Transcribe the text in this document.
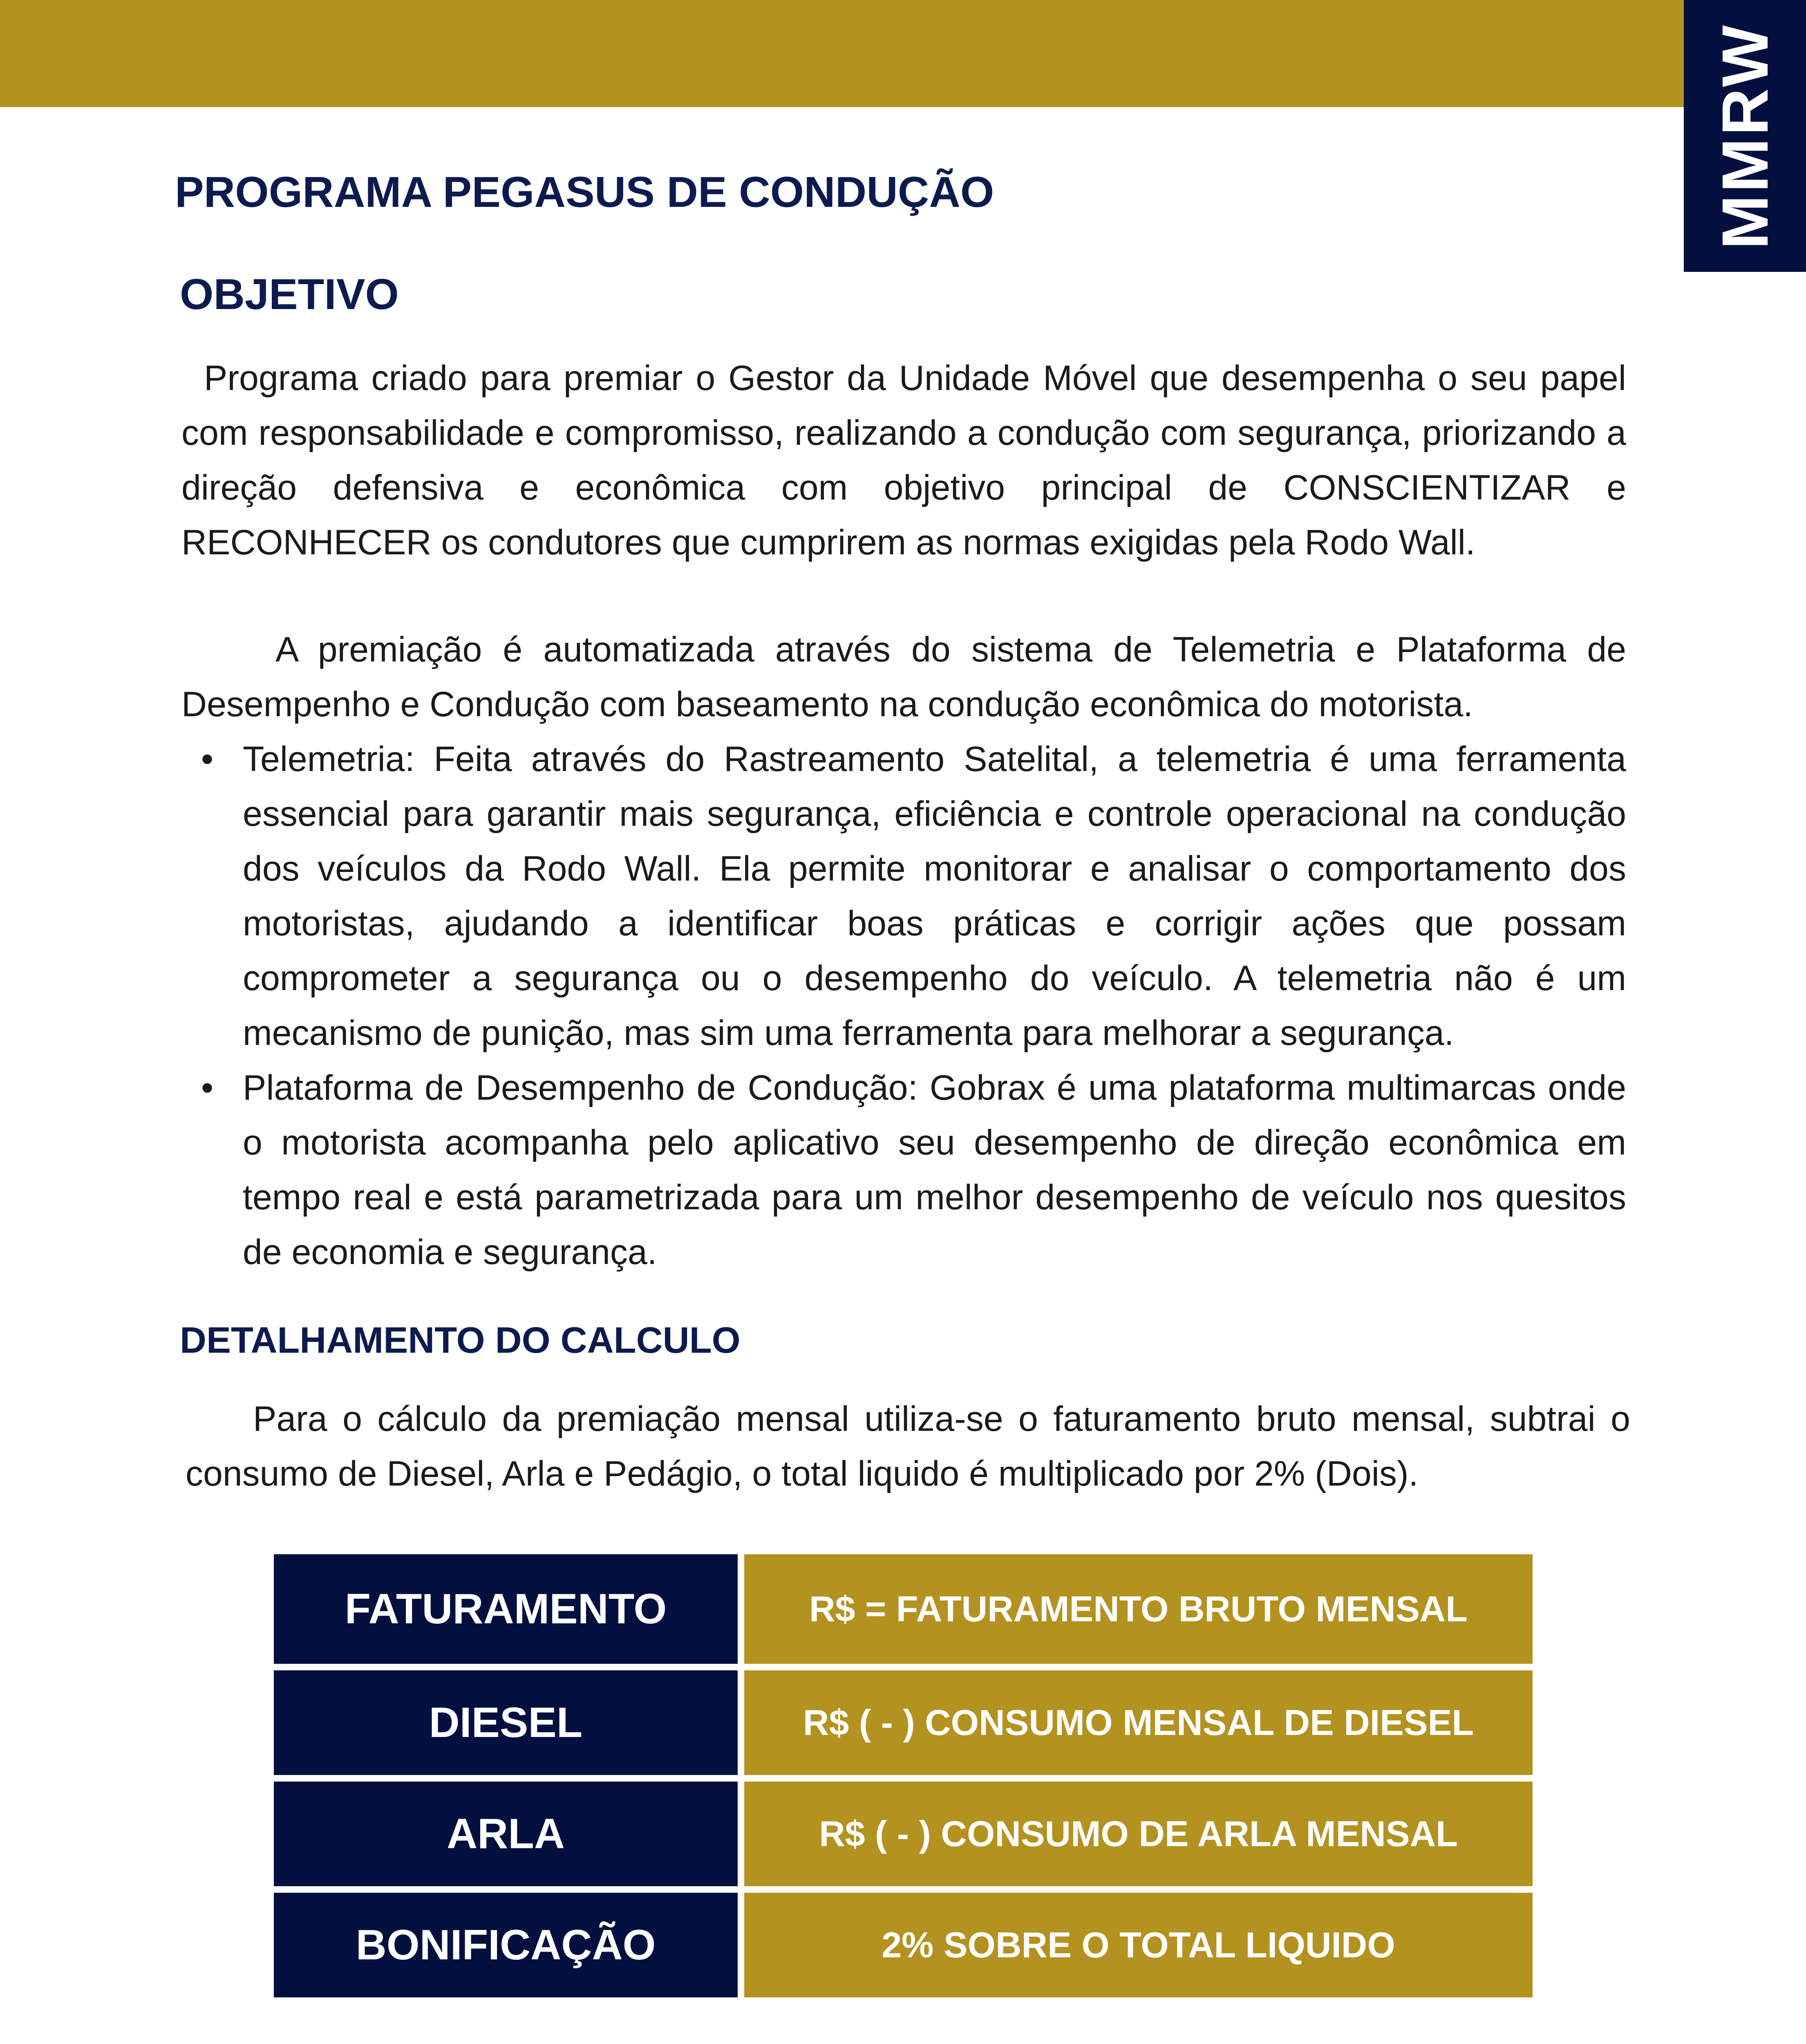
MMRW
PROGRAMA PEGASUS DE CONDUÇÃO
OBJETIVO

Programa criado para premiar o Gestor da Unidade Móvel que desempenha o seu papel com responsabilidade e compromisso, realizando a condução com segurança, priorizando a direção defensiva e econômica com objetivo principal de CONSCIENTIZAR e RECONHECER os condutores que cumprirem as normas exigidas pela Rodo Wall.

A premiação é automatizada através do sistema de Telemetria e Plataforma de Desempenho e Condução com baseamento na condução econômica do motorista.

• Telemetria: Feita através do Rastreamento Satelital, a telemetria é uma ferramenta essencial para garantir mais segurança, eficiência e controle operacional na condução dos veículos da Rodo Wall. Ela permite monitorar e analisar o comportamento dos motoristas, ajudando a identificar boas práticas e corrigir ações que possam comprometer a segurança ou o desempenho do veículo. A telemetria não é um mecanismo de punição, mas sim uma ferramenta para melhorar a segurança.
• Plataforma de Desempenho de Condução: Gobrax é uma plataforma multimarcas onde o motorista acompanha pelo aplicativo seu desempenho de direção econômica em tempo real e está parametrizada para um melhor desempenho de veículo nos quesitos de economia e segurança.
DETALHAMENTO DO CALCULO

Para o cálculo da premiação mensal utiliza-se o faturamento bruto mensal, subtrai o consumo de Diesel, Arla e Pedágio, o total liquido é multiplicado por 2% (Dois).

FATURAMENTO	R$ = FATURAMENTO BRUTO MENSAL
DIESEL	R$ ( - ) CONSUMO MENSAL DE DIESEL
ARLA	R$ ( - ) CONSUMO DE ARLA MENSAL
BONIFICAÇÃO	2% SOBRE O TOTAL LIQUIDO
